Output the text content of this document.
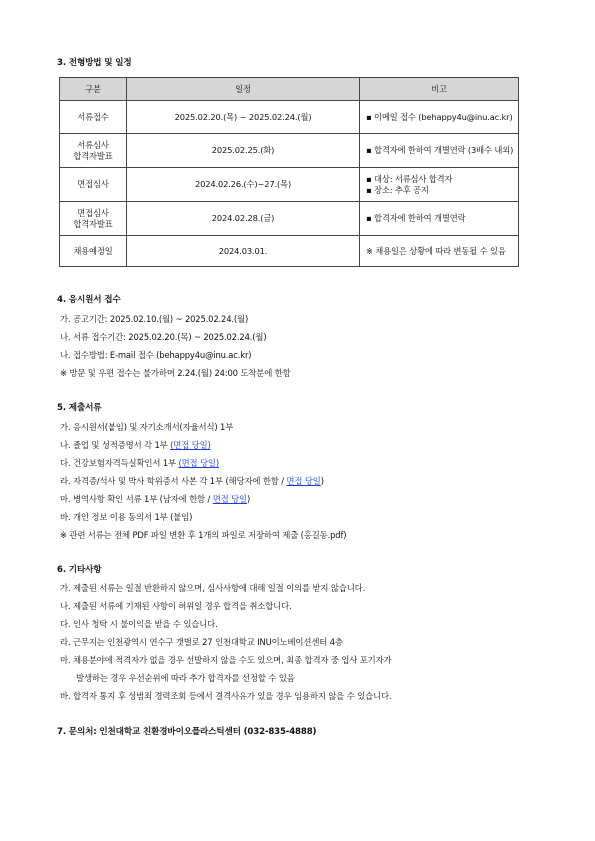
3. 전형방법 및 일정
구분	일정	비고

서류접수	2025.02.20.(목) ~ 2025.02.24.(월)	▪ 이메일 접수 (behappy4u@inu.ac.kr)

서류심사
합격자발표	2025.02.25.(화)	▪ 합격자에 한하여 개별연락 (3배수 내외)

면접심사	2024.02.26.(수)~27.(목)	▪ 대상: 서류심사 합격자
▪ 장소: 추후 공지

면접심사
합격자발표	2024.02.28.(금)	▪ 합격자에 한하여 개별연락

채용예정일	2024.03.01.	※ 채용일은 상황에 따라 변동될 수 있음
4. 응시원서 접수
가. 공고기간: 2025.02.10.(월) ~ 2025.02.24.(월)
나. 서류 접수기간: 2025.02.20.(목) ~ 2025.02.24.(월)
나. 접수방법: E-mail 접수 (behappy4u@inu.ac.kr)
※ 방문 및 우편 접수는 불가하며 2.24.(월) 24:00 도착분에 한함
5. 제출서류
가. 응시원서(붙임) 및 자기소개서(자율서식) 1부
나. 졸업 및 성적증명서 각 1부 (면접 당일)
다. 건강보험자격득실확인서 1부 (면접 당일)
라. 자격증/석사 및 박사 학위증서 사본 각 1부 (해당자에 한함 / 면접 당일)
마. 병역사항 확인 서류 1부 (남자에 한함 / 면접 당일)
바. 개인 정보 이용 동의서 1부 (붙임)
※ 관련 서류는 전체 PDF 파일 변환 후 1개의 파일로 저장하여 제출 (홍길동.pdf)
6. 기타사항
가. 제출된 서류는 일절 반환하지 않으며, 심사사항에 대해 일절 이의를 받지 않습니다.
나. 제출된 서류에 기재된 사항이 허위일 경우 합격을 취소합니다.
다. 인사 청탁 시 불이익을 받을 수 있습니다.
라. 근무지는 인천광역시 연수구 갯벌로 27 인천대학교 INU이노베이션센터 4층
마. 채용분야에 적격자가 없을 경우 선발하지 않을 수도 있으며, 최종 합격자 중 입사 포기자가
발생하는 경우 우선순위에 따라 추가 합격자를 선정할 수 있음
바. 합격자 통지 후 성범죄 경력조회 등에서 결격사유가 있을 경우 임용하지 않을 수 있습니다.
7. 문의처: 인천대학교 친환경바이오플라스틱센터 (032-835-4888)
